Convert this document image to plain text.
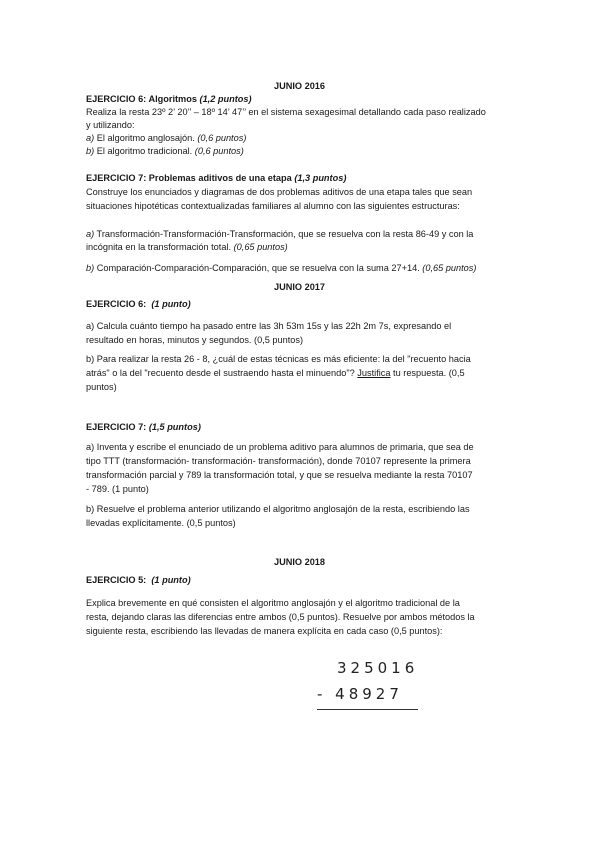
JUNIO 2016
EJERCICIO 6: Algoritmos (1,2 puntos)
Realiza la resta 23º 2’ 20’’ – 18º 14’ 47’’ en el sistema sexagesimal detallando cada paso realizado
y utilizando:
a) El algoritmo anglosajón. (0,6 puntos)
b) El algoritmo tradicional. (0,6 puntos)
EJERCICIO 7: Problemas aditivos de una etapa (1,3 puntos)
Construye los enunciados y diagramas de dos problemas aditivos de una etapa tales que sean
situaciones hipotéticas contextualizadas familiares al alumno con las siguientes estructuras:
a) Transformación-Transformación-Transformación, que se resuelva con la resta 86-49 y con la
incógnita en la transformación total. (0,65 puntos)
b) Comparación-Comparación-Comparación, que se resuelva con la suma 27+14. (0,65 puntos)
JUNIO 2017
EJERCICIO 6: (1 punto)
a) Calcula cuánto tiempo ha pasado entre las 3h 53m 15s y las 22h 2m 7s, expresando el
resultado en horas, minutos y segundos. (0,5 puntos)
b) Para realizar la resta 26 - 8, ¿cuál de estas técnicas es más eficiente: la del "recuento hacia
atrás" o la del "recuento desde el sustraendo hasta el minuendo"? Justifica tu respuesta. (0,5
puntos)
EJERCICIO 7: (1,5 puntos)
a) Inventa y escribe el enunciado de un problema aditivo para alumnos de primaria, que sea de
tipo TTT (transformación- transformación- transformación), donde 70107 represente la primera
transformación parcial y 789 la transformación total, y que se resuelva mediante la resta 70107
- 789. (1 punto)
b) Resuelve el problema anterior utilizando el algoritmo anglosajón de la resta, escribiendo las
llevadas explícitamente. (0,5 puntos)
JUNIO 2018
EJERCICIO 5: (1 punto)
Explica brevemente en qué consisten el algoritmo anglosajón y el algoritmo tradicional de la
resta, dejando claras las diferencias entre ambos (0,5 puntos). Resuelve por ambos métodos la
siguiente resta, escribiendo las llevadas de manera explícita en cada caso (0,5 puntos):
325016
- 48927
